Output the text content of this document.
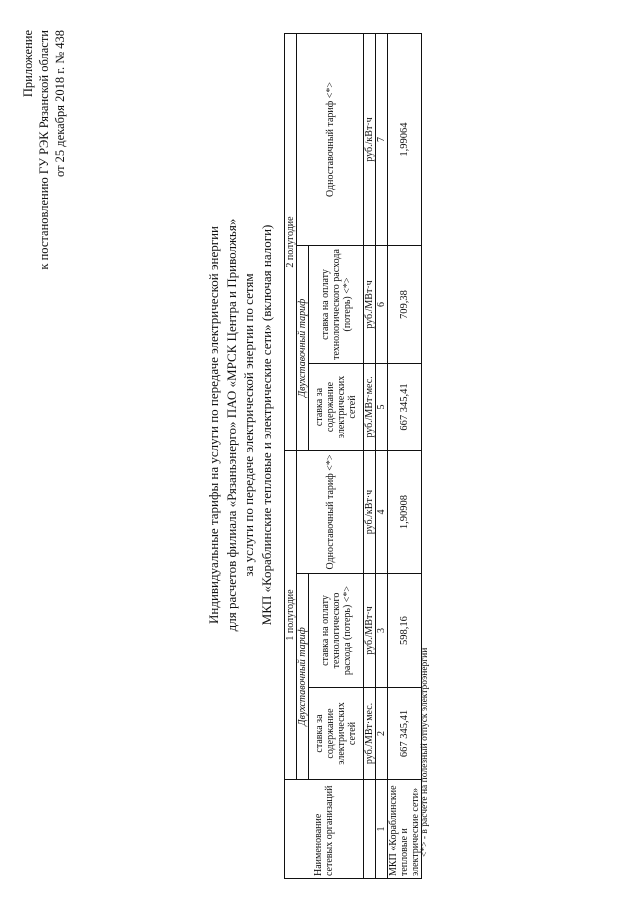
Приложение к постановлению ГУ РЭК Рязанской области от 25 декабря 2018 г. № 438
Индивидуальные тарифы на услуги по передаче электрической энергии для расчетов филиала «Рязаньэнерго» ПАО «МРСК Центра и Приволжья» за услуги по передаче электрической энергии по сетям МКП «Кораблинские тепловые и электрические сети» (включая налоги)
Наименование сетевых организаций	1 полугодие			2 полугодие		
	Двухставочный тариф		Одноставочный тариф <*>	Двухставочный тариф		Одноставочный тариф <*>
	ставка за содержание электрических сетей	ставка на оплату технологического расхода (потерь) <*>		ставка за содержание электрических сетей	ставка на оплату технологического расхода (потерь) <*>	
	руб./МВт·мес.	руб./МВт·ч	руб./кВт·ч	руб./МВт·мес.	руб./МВт·ч	руб./кВт·ч
1	2	3	4	5	6	7
МКП «Кораблинские тепловые и электрические сети»	667 345,41	598,16	1,90908	667 345,41	709,38	1,99064
<*> - в расчете на полезный отпуск электроэнергии
